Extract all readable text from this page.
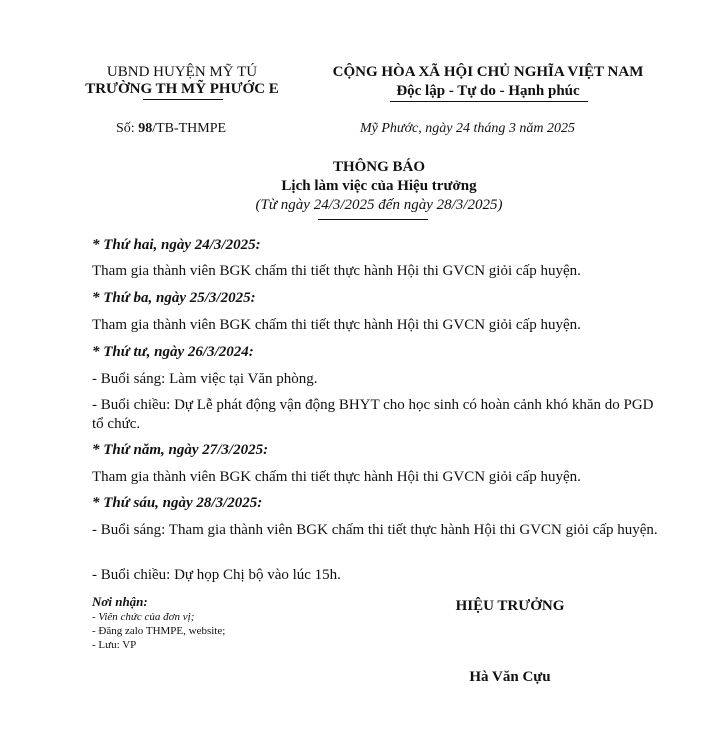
UBND HUYỆN MỸ TÚ
TRƯỜNG TH MỸ PHƯỚC E
CỘNG HÒA XÃ HỘI CHỦ NGHĨA VIỆT NAM
Độc lập - Tự do - Hạnh phúc
Số: 98/TB-THMPE	Mỹ Phước, ngày 24 tháng 3 năm 2025
THÔNG BÁO
Lịch làm việc của Hiệu trưởng
(Từ ngày 24/3/2025 đến ngày 28/3/2025)
* Thứ hai, ngày 24/3/2025:
Tham gia thành viên BGK chấm thi tiết thực hành Hội thi GVCN giỏi cấp huyện.
* Thứ ba, ngày 25/3/2025:
Tham gia thành viên BGK chấm thi tiết thực hành Hội thi GVCN giỏi cấp huyện.
* Thứ tư, ngày 26/3/2024:
- Buổi sáng: Làm việc tại Văn phòng.
- Buổi chiều: Dự Lễ phát động vận động BHYT cho học sinh có hoàn cảnh khó khăn do PGD tổ chức.
* Thứ năm, ngày 27/3/2025:
Tham gia thành viên BGK chấm thi tiết thực hành Hội thi GVCN giỏi cấp huyện.
* Thứ sáu, ngày 28/3/2025:
- Buổi sáng: Tham gia thành viên BGK chấm thi tiết thực hành Hội thi GVCN giỏi cấp huyện.
- Buổi chiều: Dự họp Chị bộ vào lúc 15h.
Nơi nhận:
- Viên chức của đơn vị;
- Đăng zalo THMPE, website;
- Lưu: VP
HIỆU TRƯỞNG
Hà Văn Cựu
